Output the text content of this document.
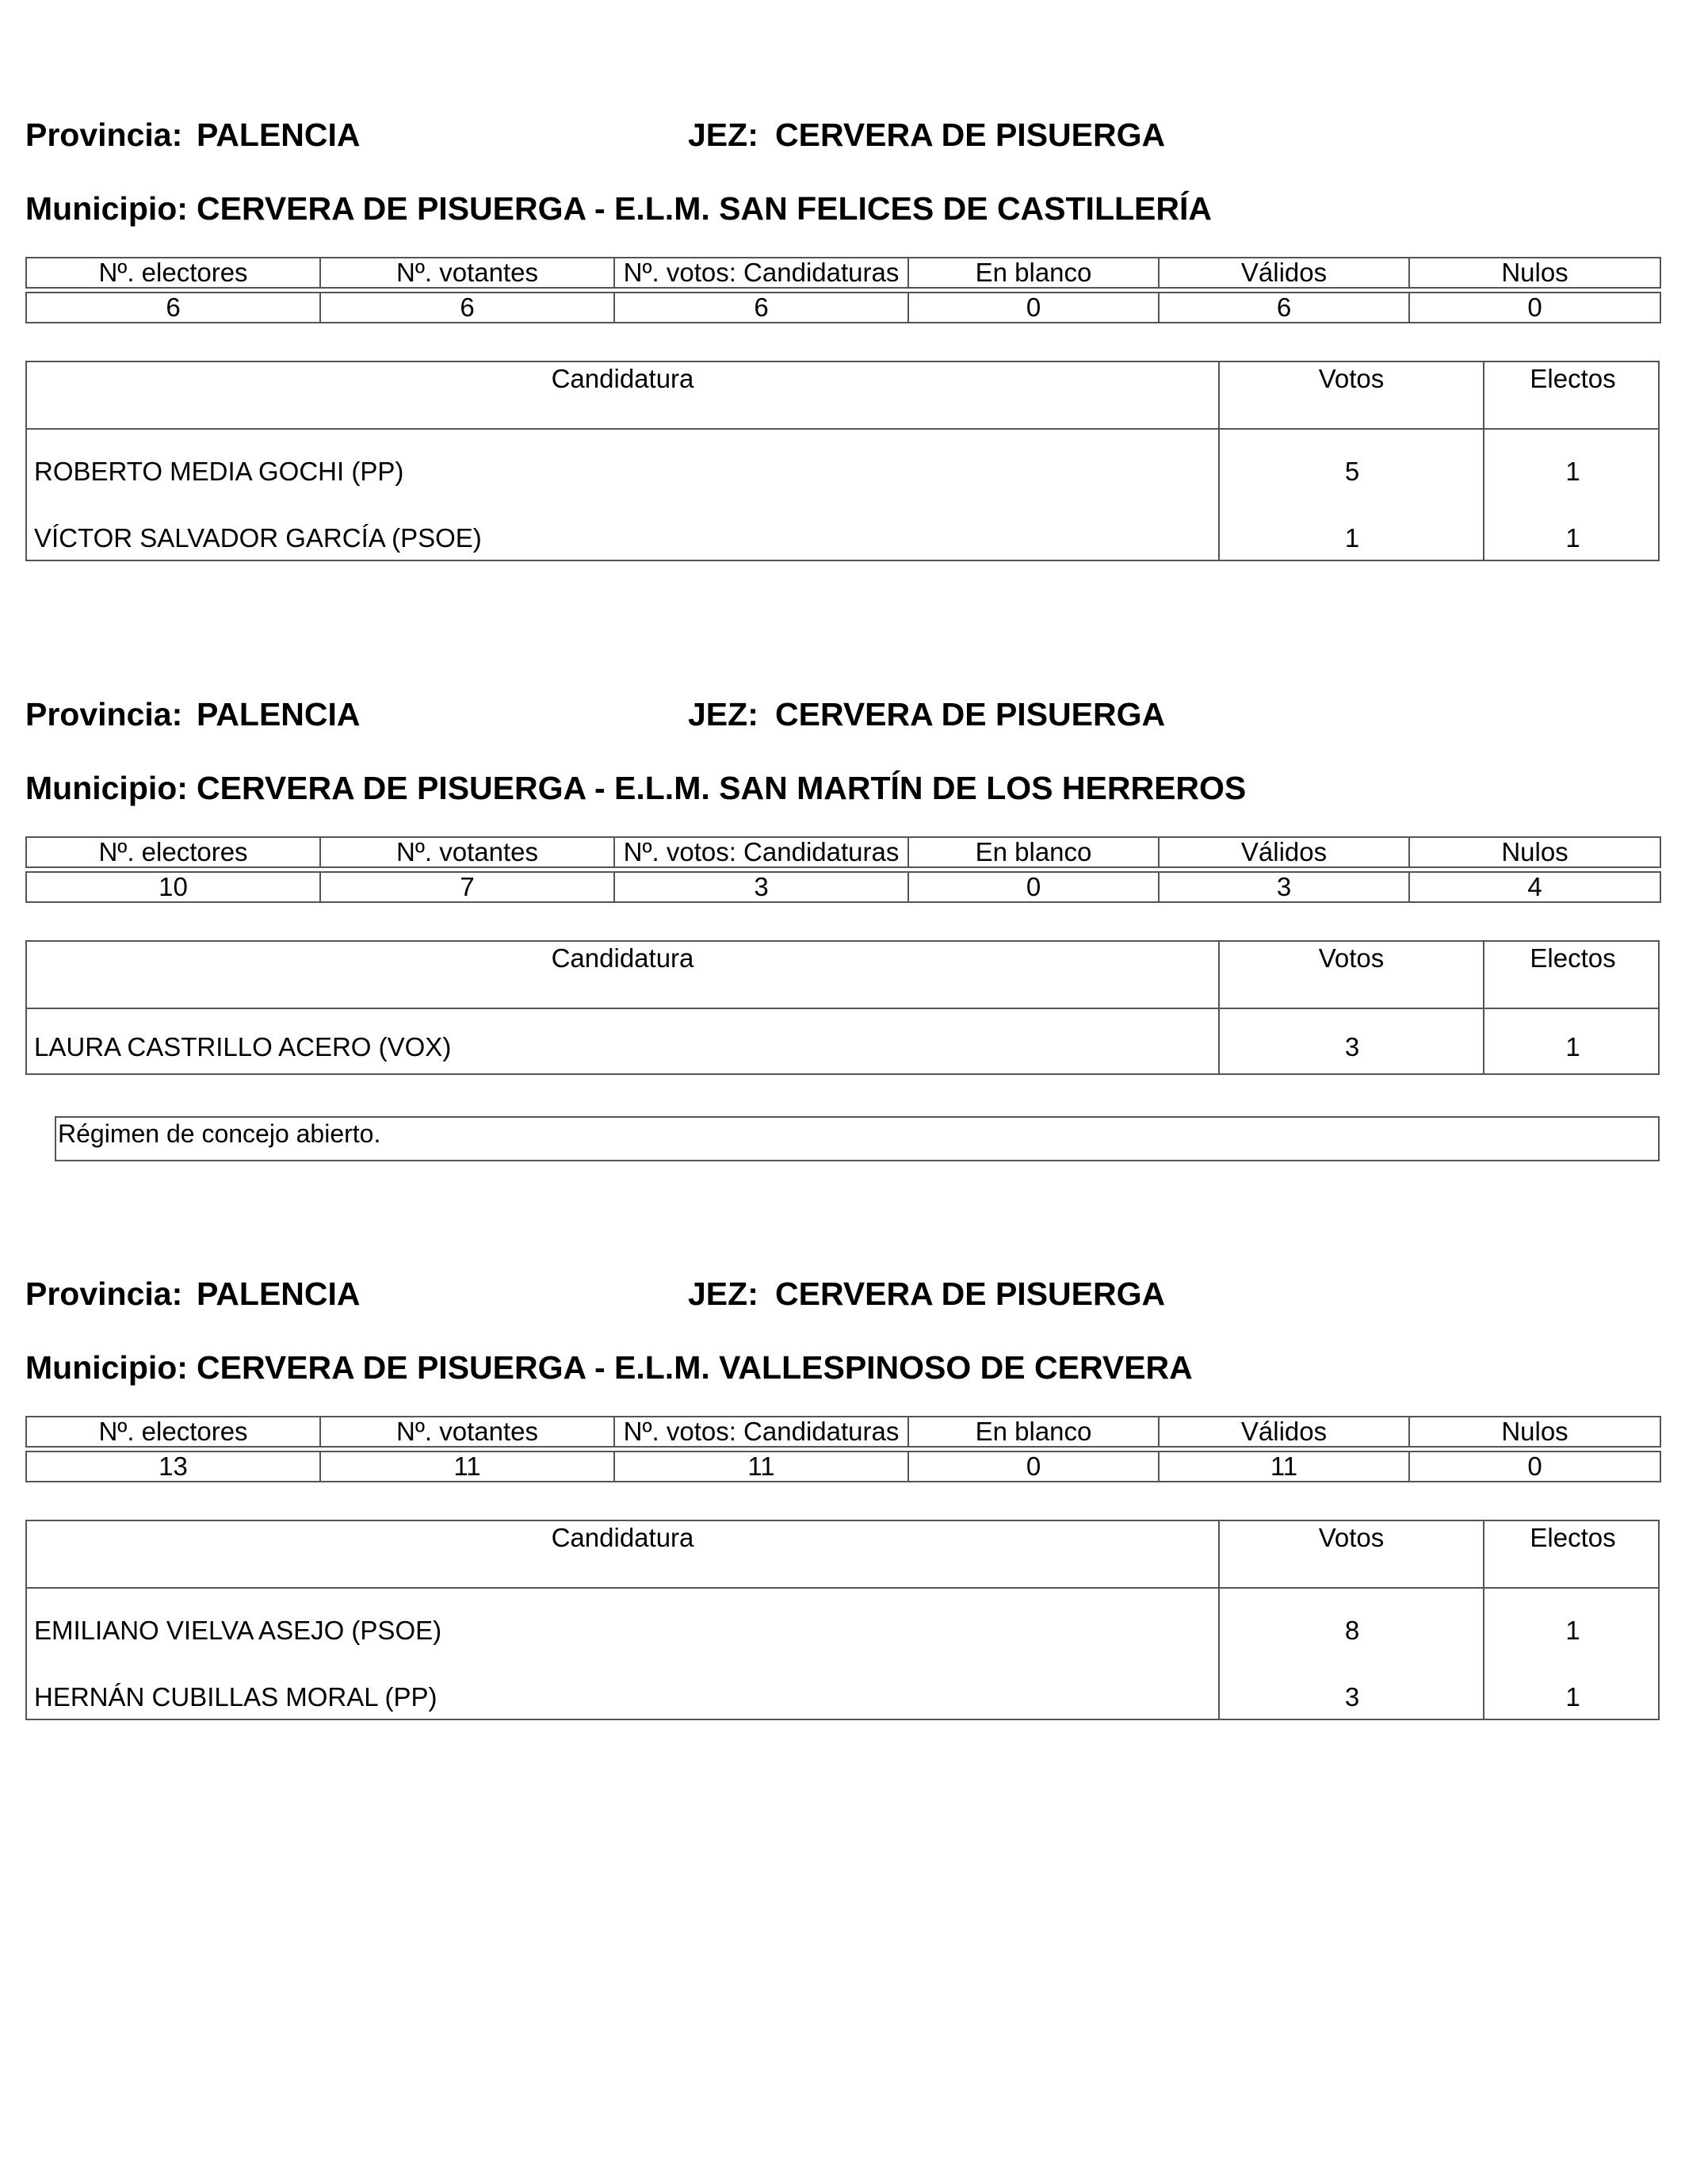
Provincia: PALENCIA	JEZ: CERVERA DE PISUERGA
Municipio: CERVERA DE PISUERGA - E.L.M. SAN FELICES DE CASTILLERÍA
Nº. electores	Nº. votantes	Nº. votos: Candidaturas	En blanco	Válidos	Nulos

6	6	6	0	6	0
Candidatura	Votos	Electos
ROBERTO MEDIA GOCHI (PP)	5	1
VÍCTOR SALVADOR GARCÍA (PSOE)	1	1
Provincia: PALENCIA	JEZ: CERVERA DE PISUERGA
Municipio: CERVERA DE PISUERGA - E.L.M. SAN MARTÍN DE LOS HERREROS
Nº. electores	Nº. votantes	Nº. votos: Candidaturas	En blanco	Válidos	Nulos

10	7	3	0	3	4
Candidatura	Votos	Electos
LAURA CASTRILLO ACERO (VOX)	3	1
Régimen de concejo abierto.
Provincia: PALENCIA	JEZ: CERVERA DE PISUERGA
Municipio: CERVERA DE PISUERGA - E.L.M. VALLESPINOSO DE CERVERA
Nº. electores	Nº. votantes	Nº. votos: Candidaturas	En blanco	Válidos	Nulos

13	11	11	0	11	0
Candidatura	Votos	Electos
EMILIANO VIELVA ASEJO (PSOE)	8	1
HERNÁN CUBILLAS MORAL (PP)	3	1
